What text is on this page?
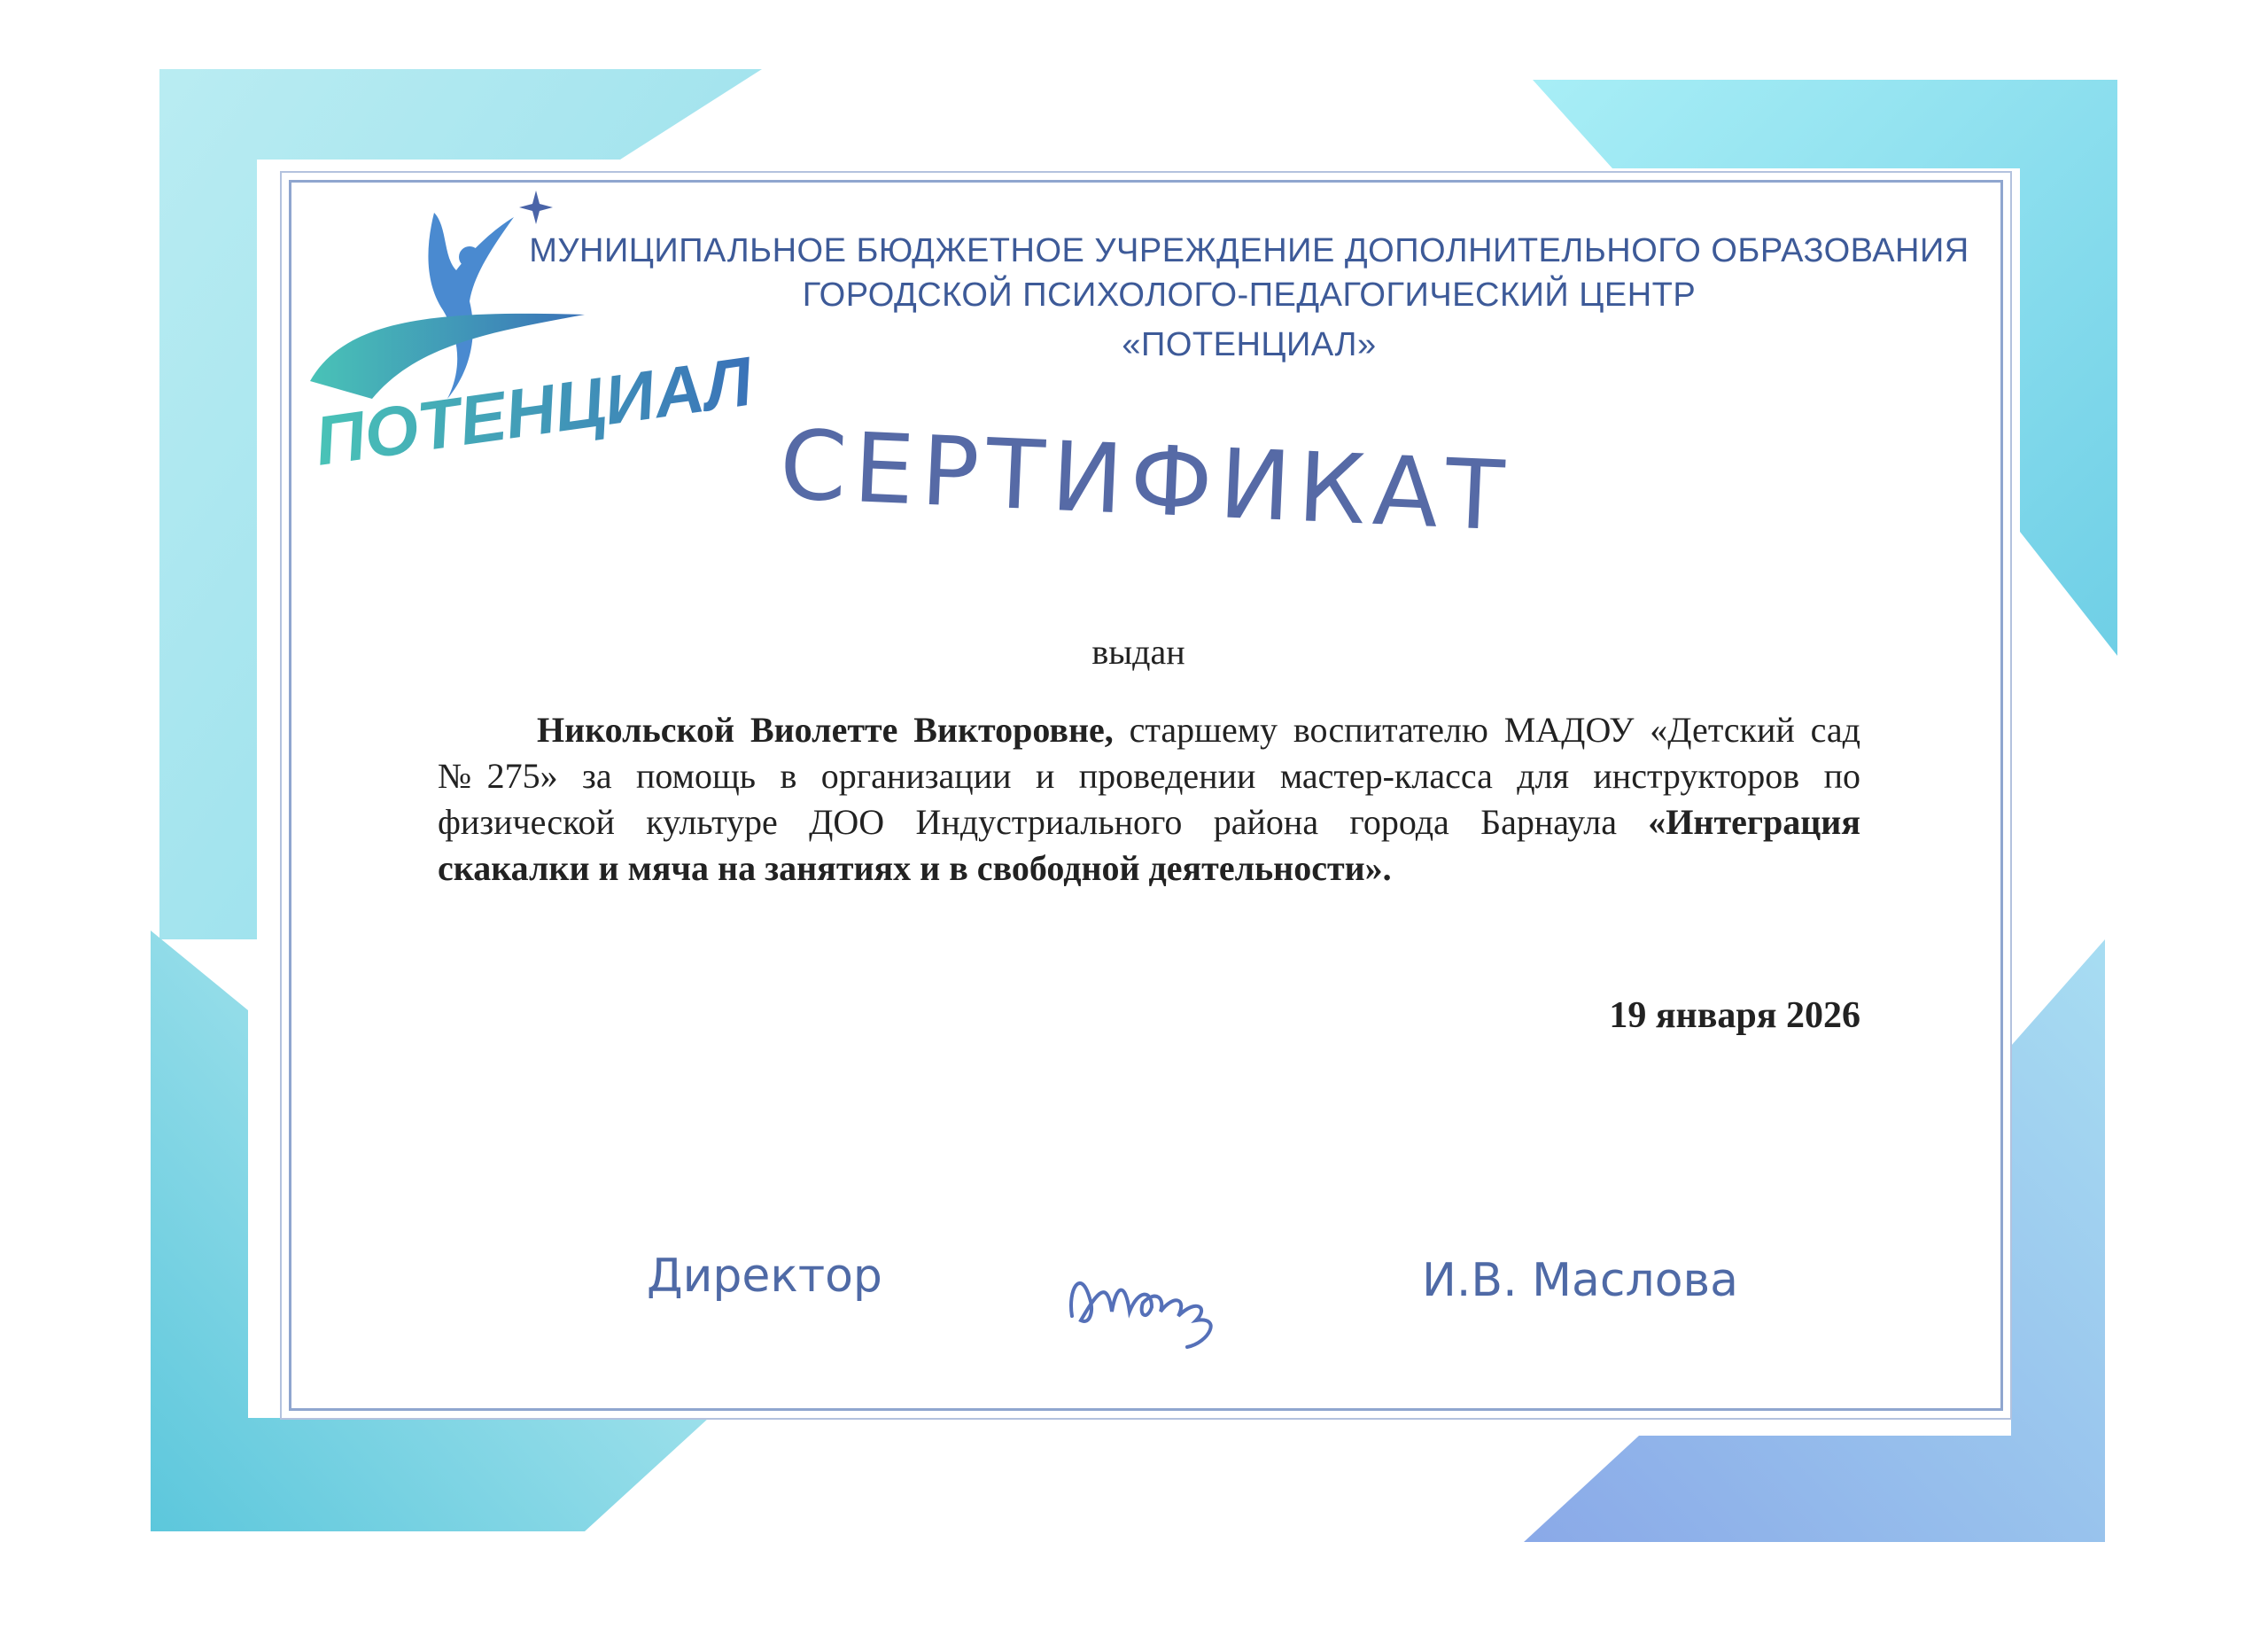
ПОТЕНЦИАЛ
МУНИЦИПАЛЬНОЕ БЮДЖЕТНОЕ УЧРЕЖДЕНИЕ ДОПОЛНИТЕЛЬНОГО ОБРАЗОВАНИЯ
ГОРОДСКОЙ ПСИХОЛОГО-ПЕДАГОГИЧЕСКИЙ ЦЕНТР
«ПОТЕНЦИАЛ»
СЕРТИФИКАТ
выдан
Никольской Виолетте Викторовне, старшему воспитателю МАДОУ «Детский сад №275» за помощь в организации и проведении мастер-класса для инструкторов по физической культуре ДОО Индустриального района города Барнаула «Интеграция скакалки и мяча на занятиях и в свободной деятельности».
19 января 2026
Директор	И.В. Маслова
